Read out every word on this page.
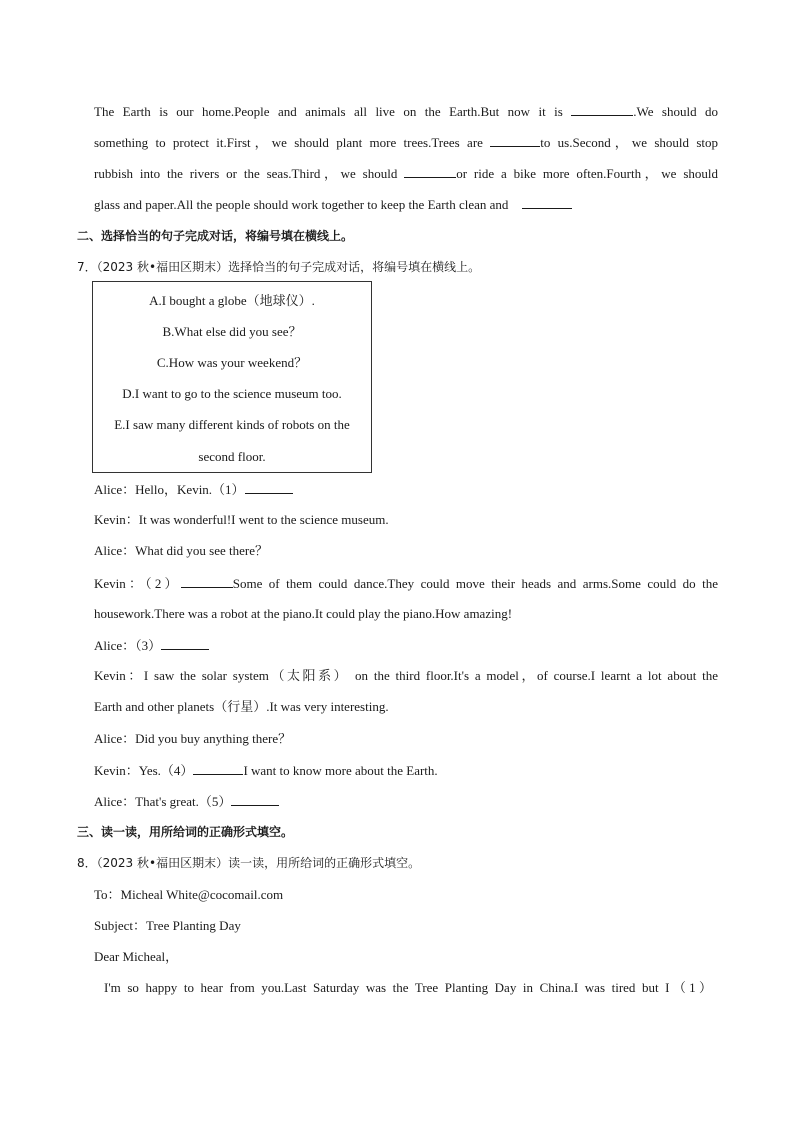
The Earth is our home.People and animals all live on the Earth.But now it is	.We should do
something to protect it.First，we should plant more trees.Trees are	to us.Second，we should stop
rubbish into the rivers or the seas.Third，we should	or ride a bike more often.Fourth，we should
glass and paper.All the people should work together to keep the Earth clean and
二、选择恰当的句子完成对话，将编号填在横线上。
7．（2023 秋•福田区期末）选择恰当的句子完成对话，将编号填在横线上。
A.I bought a globe（地球仪）.
B.What else did you see？
C.How was your weekend？
D.I want to go to the science museum too.
E.I saw many different kinds of robots on the
second floor.
Alice：Hello，Kevin.（1）
Kevin：It was wonderful!I went to the science museum.
Alice：What did you see there？
Kevin：（2）	Some of them could dance.They could move their heads and arms.Some could do the
housework.There was a robot at the piano.It could play the piano.How amazing!
Alice：（3）
Kevin：I saw the solar system（太阳系） on the third floor.It's a model，of course.I learnt a lot about the
Earth and other planets（行星）.It was very interesting.
Alice：Did you buy anything there？
Kevin：Yes.（4）	I want to know more about the Earth.
Alice：That's great.（5）
三、读一读，用所给词的正确形式填空。
8．（2023 秋•福田区期末）读一读，用所给词的正确形式填空。
To：Micheal White@cocomail.com
Subject：Tree Planting Day
Dear Micheal，
I'm so happy to hear from you.Last Saturday was the Tree Planting Day in China.I was tired but I（1）
